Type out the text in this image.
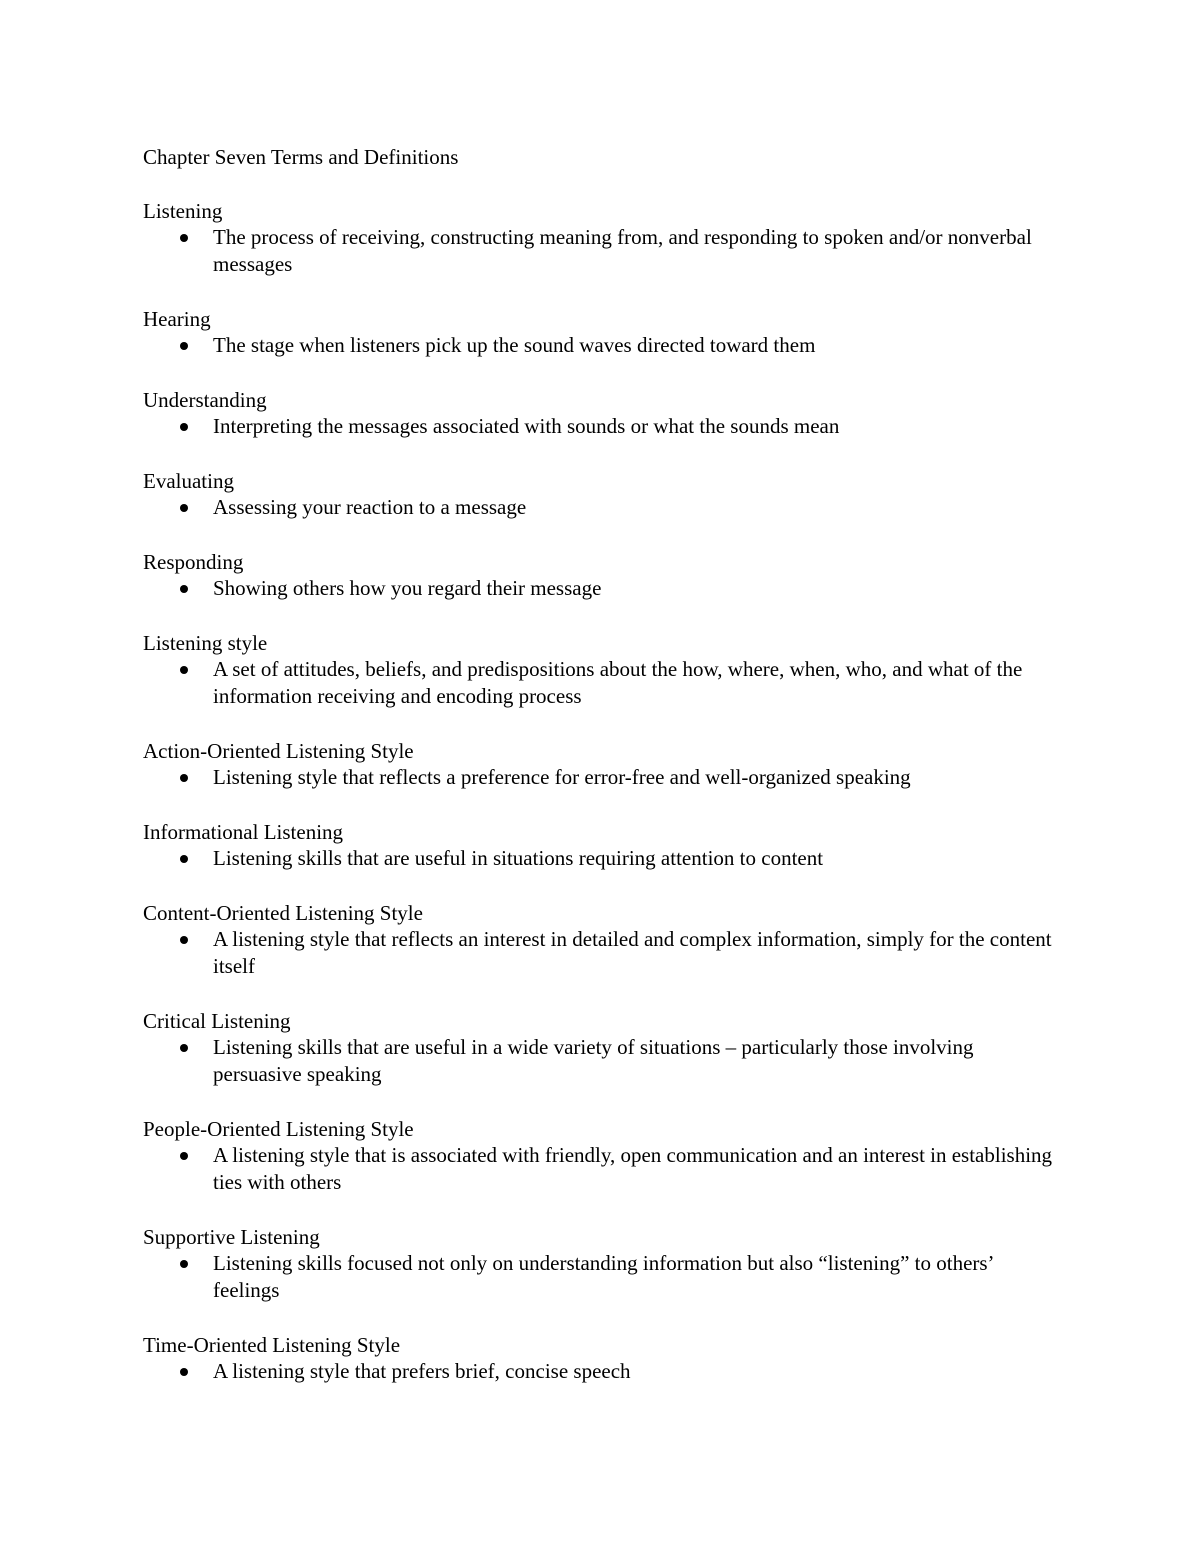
Chapter Seven Terms and Definitions
Listening
The process of receiving, constructing meaning from, and responding to spoken and/or nonverbal messages
Hearing
The stage when listeners pick up the sound waves directed toward them
Understanding
Interpreting the messages associated with sounds or what the sounds mean
Evaluating
Assessing your reaction to a message
Responding
Showing others how you regard their message
Listening style
A set of attitudes, beliefs, and predispositions about the how, where, when, who, and what of the information receiving and encoding process
Action-Oriented Listening Style
Listening style that reflects a preference for error-free and well-organized speaking
Informational Listening
Listening skills that are useful in situations requiring attention to content
Content-Oriented Listening Style
A listening style that reflects an interest in detailed and complex information, simply for the content itself
Critical Listening
Listening skills that are useful in a wide variety of situations – particularly those involving persuasive speaking
People-Oriented Listening Style
A listening style that is associated with friendly, open communication and an interest in establishing ties with others
Supportive Listening
Listening skills focused not only on understanding information but also “listening” to others’ feelings
Time-Oriented Listening Style
A listening style that prefers brief, concise speech
